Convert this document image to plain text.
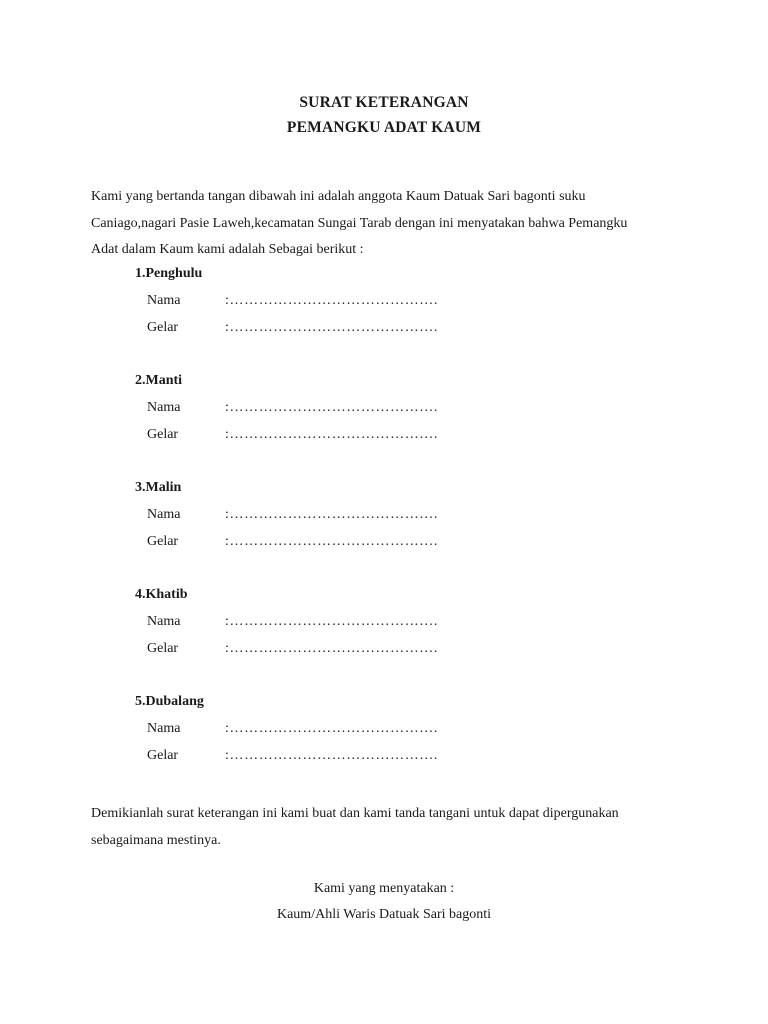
SURAT KETERANGAN
PEMANGKU ADAT KAUM
Kami yang bertanda tangan dibawah ini adalah anggota Kaum Datuak Sari bagonti suku
Caniago,nagari Pasie Laweh,kecamatan Sungai Tarab dengan ini menyatakan bahwa Pemangku
Adat dalam Kaum kami adalah Sebagai berikut :
1.Penghulu
Nama	:…………………………………….
Gelar	:…………………………………….
2.Manti
Nama	:…………………………………….
Gelar	:…………………………………….
3.Malin
Nama	:…………………………………….
Gelar	:…………………………………….
4.Khatib
Nama	:…………………………………….
Gelar	:…………………………………….
5.Dubalang
Nama	:…………………………………….
Gelar	:…………………………………….
Demikianlah surat keterangan ini kami buat dan kami tanda tangani untuk dapat dipergunakan
sebagaimana mestinya.
Kami yang menyatakan :
Kaum/Ahli Waris Datuak Sari bagonti
